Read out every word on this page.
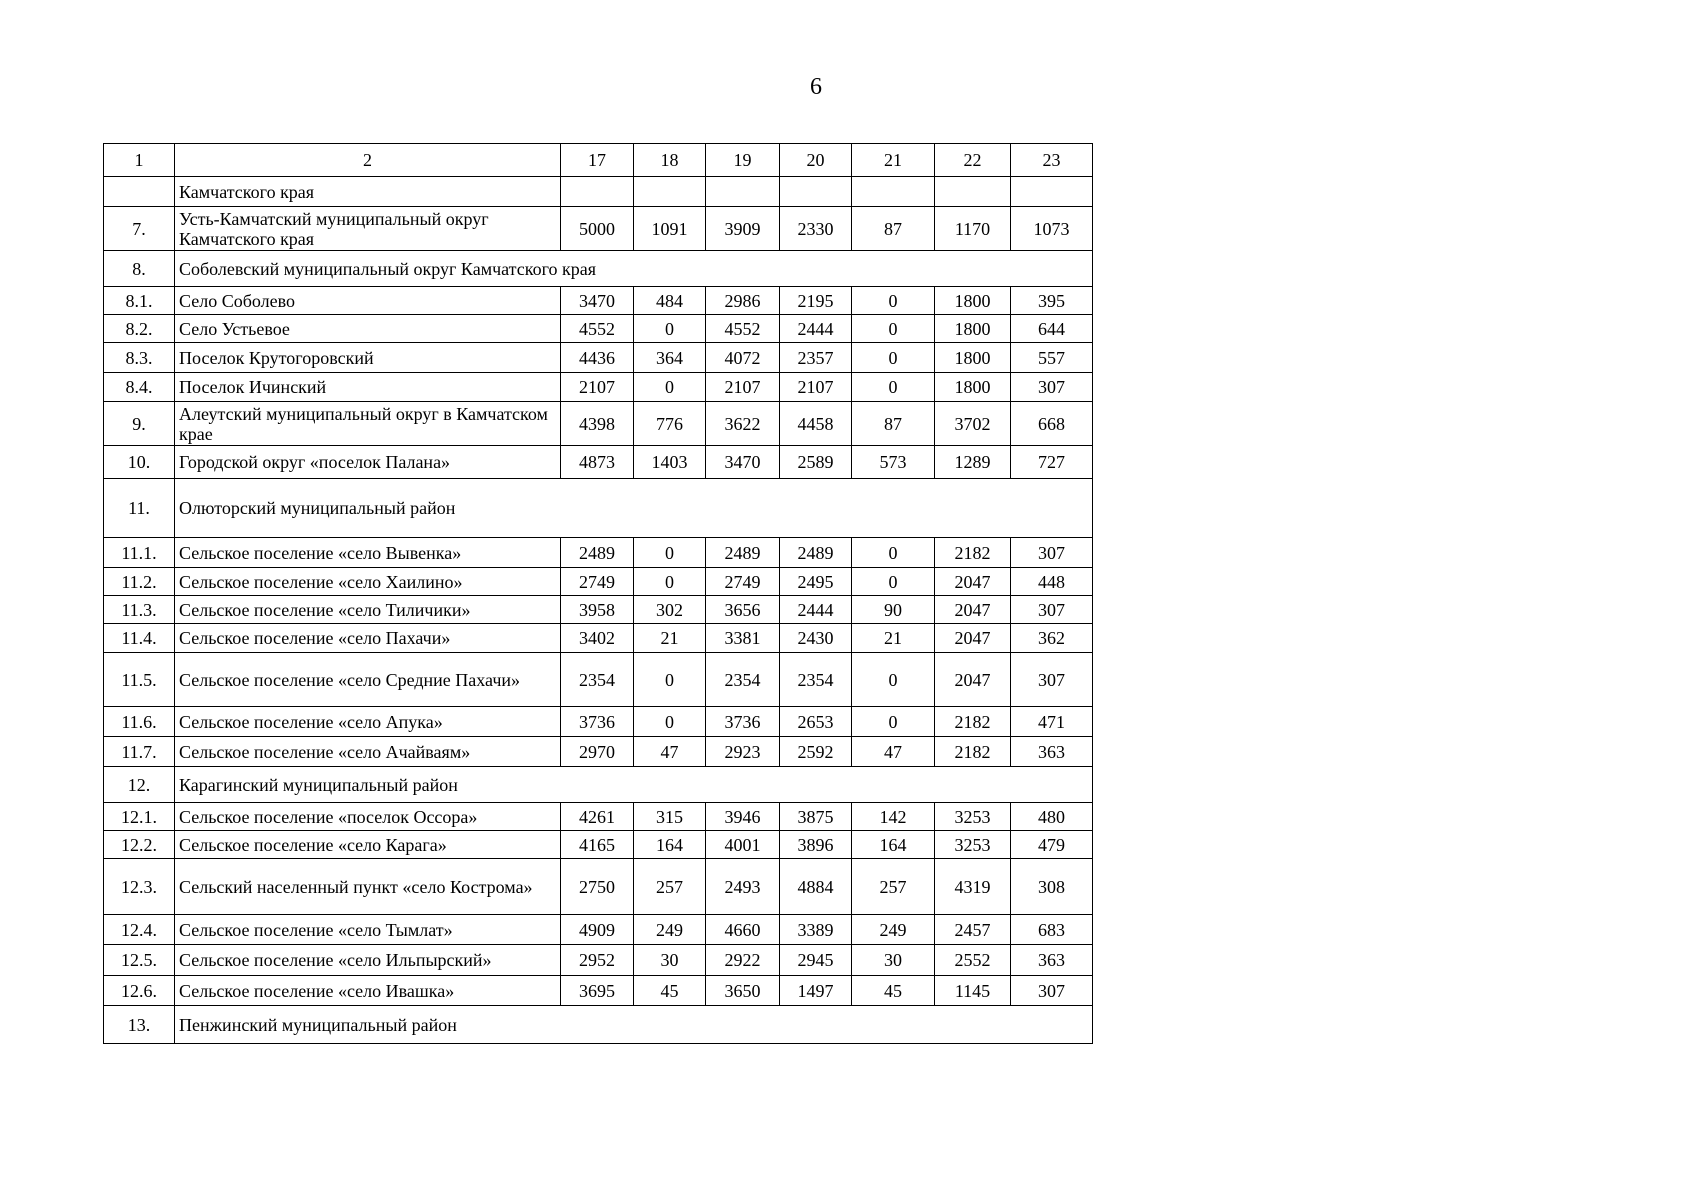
6
1	2	17	18	19	20	21	22	23
	Камчатского края							
7.	Усть-Камчатский муниципальный округ Камчатского края	5000	1091	3909	2330	87	1170	1073
8.	Соболевский муниципальный округ Камчатского края							
8.1.	Село Соболево	3470	484	2986	2195	0	1800	395
8.2.	Село Устьевое	4552	0	4552	2444	0	1800	644
8.3.	Поселок Крутогоровский	4436	364	4072	2357	0	1800	557
8.4.	Поселок Ичинский	2107	0	2107	2107	0	1800	307
9.	Алеутский муниципальный округ в Камчатском крае	4398	776	3622	4458	87	3702	668
10.	Городской округ «поселок Палана»	4873	1403	3470	2589	573	1289	727
11.	Олюторский муниципальный район							
11.1.	Сельское поселение «село Вывенка»	2489	0	2489	2489	0	2182	307
11.2.	Сельское поселение «село Хаилино»	2749	0	2749	2495	0	2047	448
11.3.	Сельское поселение «село Тиличики»	3958	302	3656	2444	90	2047	307
11.4.	Сельское поселение «село Пахачи»	3402	21	3381	2430	21	2047	362
11.5.	Сельское поселение «село Средние Пахачи»	2354	0	2354	2354	0	2047	307
11.6.	Сельское поселение «село Апука»	3736	0	3736	2653	0	2182	471
11.7.	Сельское поселение «село Ачайваям»	2970	47	2923	2592	47	2182	363
12.	Карагинский муниципальный район							
12.1.	Сельское поселение «поселок Оссора»	4261	315	3946	3875	142	3253	480
12.2.	Сельское поселение «село Карага»	4165	164	4001	3896	164	3253	479
12.3.	Сельский населенный пункт «село Кострома»	2750	257	2493	4884	257	4319	308
12.4.	Сельское поселение «село Тымлат»	4909	249	4660	3389	249	2457	683
12.5.	Сельское поселение «село Ильпырский»	2952	30	2922	2945	30	2552	363
12.6.	Сельское поселение «село Ивашка»	3695	45	3650	1497	45	1145	307
13.	Пенжинский муниципальный район							
